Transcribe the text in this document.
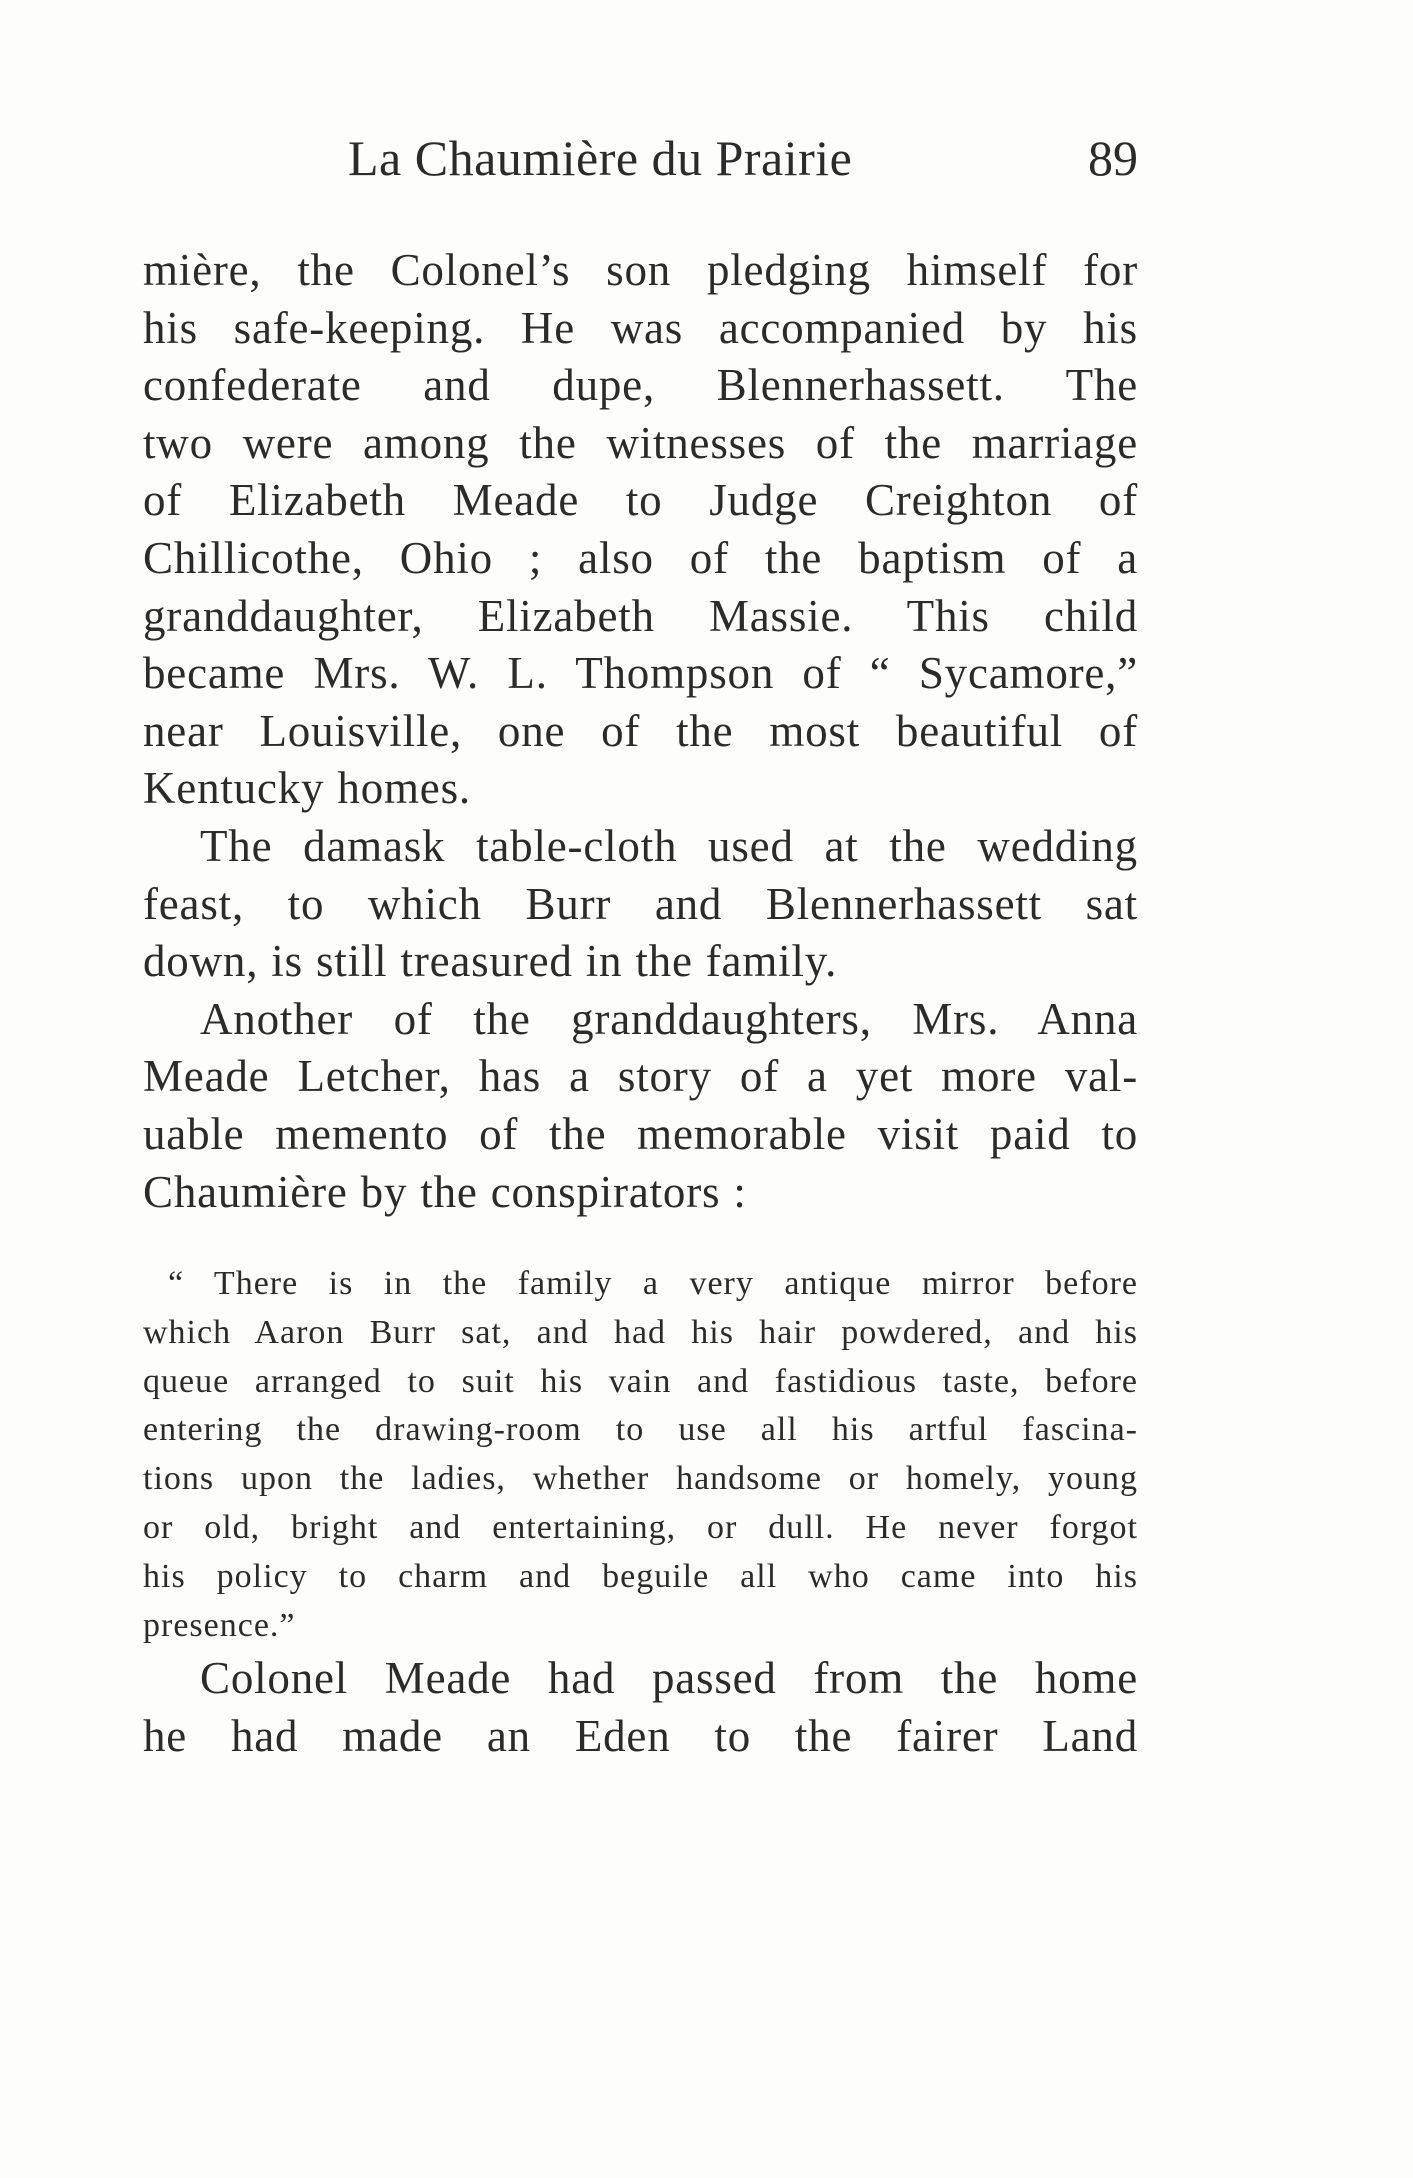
La Chaumière du Prairie	89
mière, the Colonel’s son pledging himself for
his safe-keeping. He was accompanied by his
confederate and dupe, Blennerhassett. The
two were among the witnesses of the marriage
of Elizabeth Meade to Judge Creighton of
Chillicothe, Ohio ; also of the baptism of a
granddaughter, Elizabeth Massie. This child
became Mrs. W. L. Thompson of “ Sycamore,”
near Louisville, one of the most beautiful of
Kentucky homes.
The damask table-cloth used at the wedding
feast, to which Burr and Blennerhassett sat
down, is still treasured in the family.
Another of the granddaughters, Mrs. Anna
Meade Letcher, has a story of a yet more val-
uable memento of the memorable visit paid to
Chaumière by the conspirators :
“ There is in the family a very antique mirror before
which Aaron Burr sat, and had his hair powdered, and his
queue arranged to suit his vain and fastidious taste, before
entering the drawing-room to use all his artful fascina-
tions upon the ladies, whether handsome or homely, young
or old, bright and entertaining, or dull. He never forgot
his policy to charm and beguile all who came into his
presence.”
Colonel Meade had passed from the home
he had made an Eden to the fairer Land
